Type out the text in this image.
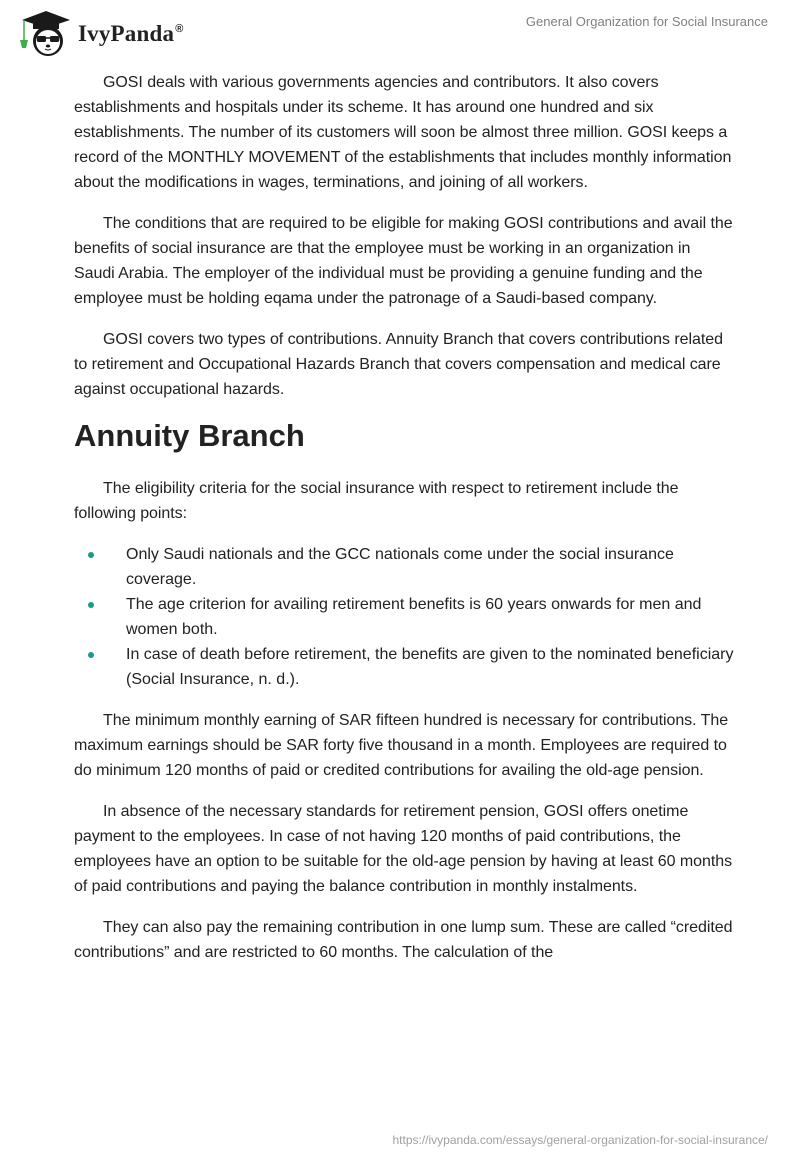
IvyPanda®
General Organization for Social Insurance

GOSI deals with various governments agencies and contributors. It also covers establishments and hospitals under its scheme. It has around one hundred and six establishments. The number of its customers will soon be almost three million. GOSI keeps a record of the MONTHLY MOVEMENT of the establishments that includes monthly information about the modifications in wages, terminations, and joining of all workers.

The conditions that are required to be eligible for making GOSI contributions and avail the benefits of social insurance are that the employee must be working in an organization in Saudi Arabia. The employer of the individual must be providing a genuine funding and the employee must be holding eqama under the patronage of a Saudi-based company.

GOSI covers two types of contributions. Annuity Branch that covers contributions related to retirement and Occupational Hazards Branch that covers compensation and medical care against occupational hazards.

Annuity Branch

The eligibility criteria for the social insurance with respect to retirement include the following points:

Only Saudi nationals and the GCC nationals come under the social insurance coverage.
The age criterion for availing retirement benefits is 60 years onwards for men and women both.
In case of death before retirement, the benefits are given to the nominated beneficiary (Social Insurance, n. d.).

The minimum monthly earning of SAR fifteen hundred is necessary for contributions. The maximum earnings should be SAR forty five thousand in a month. Employees are required to do minimum 120 months of paid or credited contributions for availing the old-age pension.

In absence of the necessary standards for retirement pension, GOSI offers onetime payment to the employees. In case of not having 120 months of paid contributions, the employees have an option to be suitable for the old-age pension by having at least 60 months of paid contributions and paying the balance contribution in monthly instalments.

They can also pay the remaining contribution in one lump sum. These are called “credited contributions” and are restricted to 60 months. The calculation of the

https://ivypanda.com/essays/general-organization-for-social-insurance/
